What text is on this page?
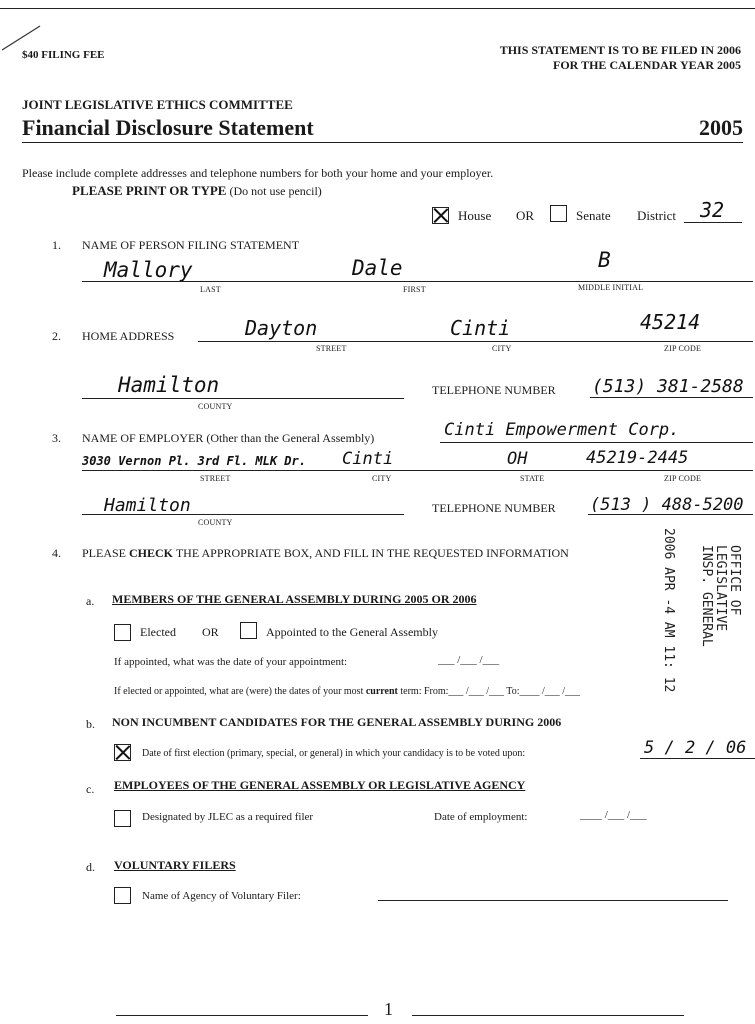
$40 FILING FEE	THIS STATEMENT IS TO BE FILED IN 2006
FOR THE CALENDAR YEAR 2005
JOINT LEGISLATIVE ETHICS COMMITTEE
Financial Disclosure Statement	2005
Please include complete addresses and telephone numbers for both your home and your employer.
PLEASE PRINT OR TYPE (Do not use pencil)
House OR	Senate District 32
1. NAME OF PERSON FILING STATEMENT
Mallory	Dale	B
LAST	FIRST	MIDDLE INITIAL
2. HOME ADDRESS	Dayton	Cinti	45214
STREET	CITY	ZIP CODE
Hamilton
COUNTY
TELEPHONE NUMBER (513) 381-2588
3. NAME OF EMPLOYER (Other than the General Assembly)	Cinti Empowerment Corp.
3030 Vernon Pl. 3rd Fl. MLK Dr. Cinti	OH	45219-2445
STREET	CITY	STATE	ZIP CODE
Hamilton
COUNTY
TELEPHONE NUMBER (513 ) 488-5200
4. PLEASE CHECK THE APPROPRIATE BOX, AND FILL IN THE REQUESTED INFORMATION	2006 APR -4 AM 11: 12	OFFICE OF
LEGISLATIVE
INSP. GENERAL
a. MEMBERS OF THE GENERAL ASSEMBLY DURING 2005 OR 2006
Elected OR	Appointed to the General Assembly
If appointed, what was the date of your appointment:	___ /___ /___
If elected or appointed, what are (were) the dates of your most current term: From:___ /___ /___ To:____ /___ /___
b. NON INCUMBENT CANDIDATES FOR THE GENERAL ASSEMBLY DURING 2006
Date of first election (primary, special, or general) in which your candidacy is to be voted upon:	5 / 2 / 06
c. EMPLOYEES OF THE GENERAL ASSEMBLY OR LEGISLATIVE AGENCY
Designated by JLEC as a required filer	Date of employment:	____ /___ /___
d. VOLUNTARY FILERS
Name of Agency of Voluntary Filer:
1
